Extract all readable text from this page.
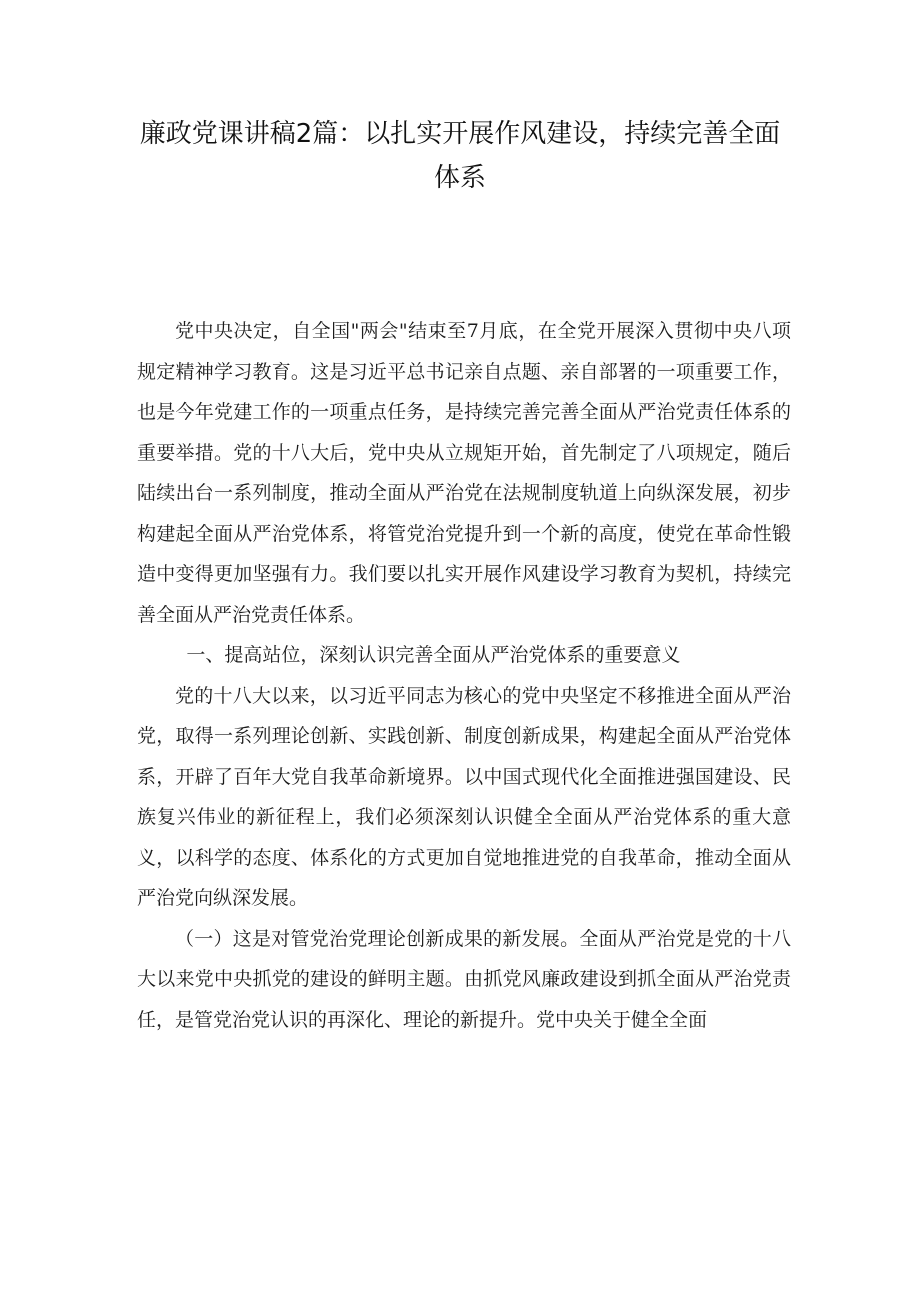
廉政党课讲稿2篇：以扎实开展作风建设，持续完善全面
体系

党中央决定，自全国"两会"结束至7月底，在全党开展深入贯彻中央八项规定精神学习教育。这是习近平总书记亲自点题、亲自部署的一项重要工作，也是今年党建工作的一项重点任务，是持续完善完善全面从严治党责任体系的重要举措。党的十八大后，党中央从立规矩开始，首先制定了八项规定，随后陆续出台一系列制度，推动全面从严治党在法规制度轨道上向纵深发展，初步构建起全面从严治党体系，将管党治党提升到一个新的高度，使党在革命性锻造中变得更加坚强有力。我们要以扎实开展作风建设学习教育为契机，持续完善全面从严治党责任体系。

一、提高站位，深刻认识完善全面从严治党体系的重要意义

党的十八大以来，以习近平同志为核心的党中央坚定不移推进全面从严治党，取得一系列理论创新、实践创新、制度创新成果，构建起全面从严治党体系，开辟了百年大党自我革命新境界。以中国式现代化全面推进强国建设、民族复兴伟业的新征程上，我们必须深刻认识健全全面从严治党体系的重大意义，以科学的态度、体系化的方式更加自觉地推进党的自我革命，推动全面从严治党向纵深发展。

（一）这是对管党治党理论创新成果的新发展。全面从严治党是党的十八大以来党中央抓党的建设的鲜明主题。由抓党风廉政建设到抓全面从严治党责任，是管党治党认识的再深化、理论的新提升。党中央关于健全全面
